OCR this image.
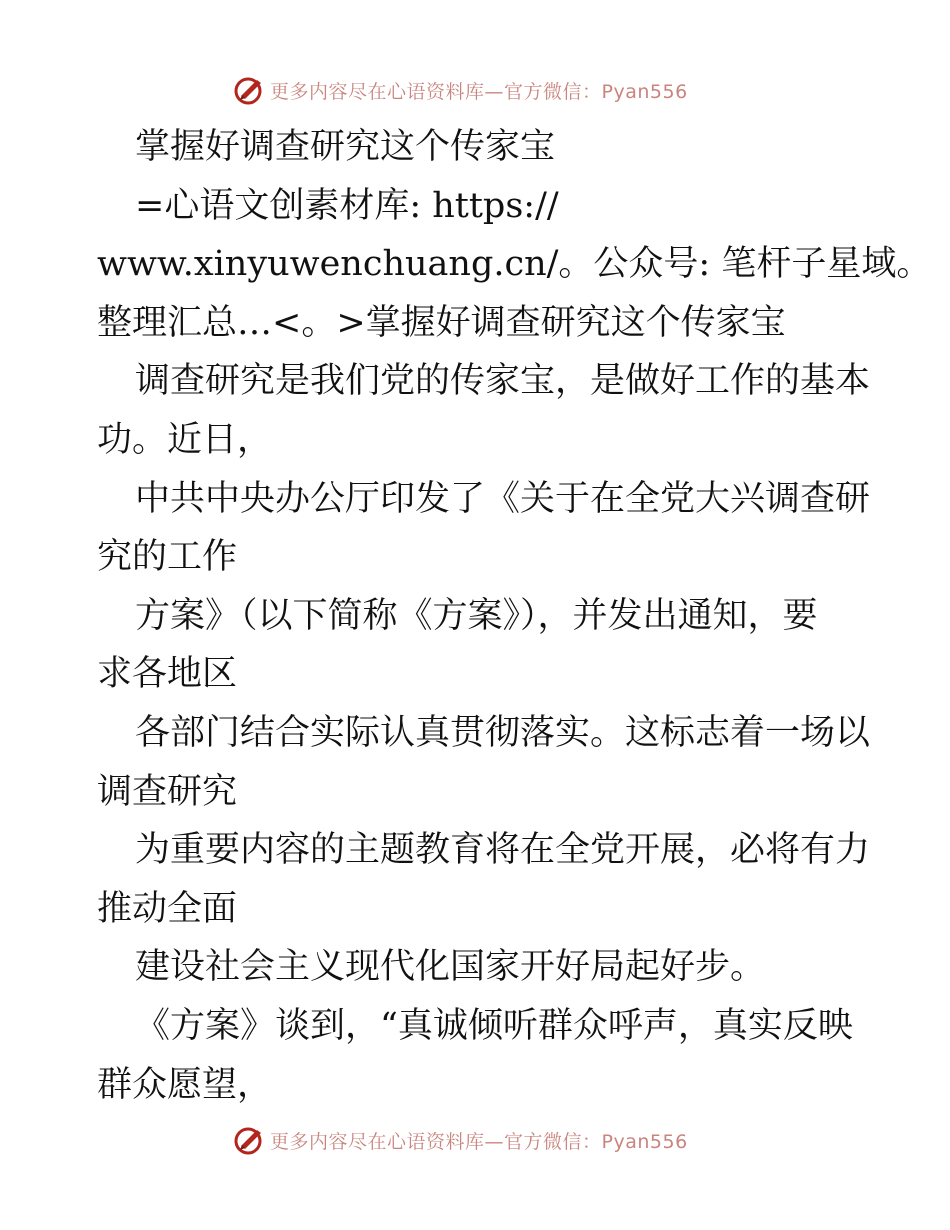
更多内容尽在心语资料库—官方微信：Pyan556
掌握好调查研究这个传家宝
=心语文创素材库: https://
www.xinyuwenchuang.cn/。公众号: 笔杆子星域。
整理汇总…<。>掌握好调查研究这个传家宝
调查研究是我们党的传家宝，是做好工作的基本
功。近日，
中共中央办公厅印发了《关于在全党大兴调查研
究的工作
方案》（以下简称《方案》），并发出通知，要
求各地区
各部门结合实际认真贯彻落实。这标志着一场以
调查研究
为重要内容的主题教育将在全党开展，必将有力
推动全面
建设社会主义现代化国家开好局起好步。
《方案》谈到，“真诚倾听群众呼声，真实反映
群众愿望，
更多内容尽在心语资料库—官方微信：Pyan556
